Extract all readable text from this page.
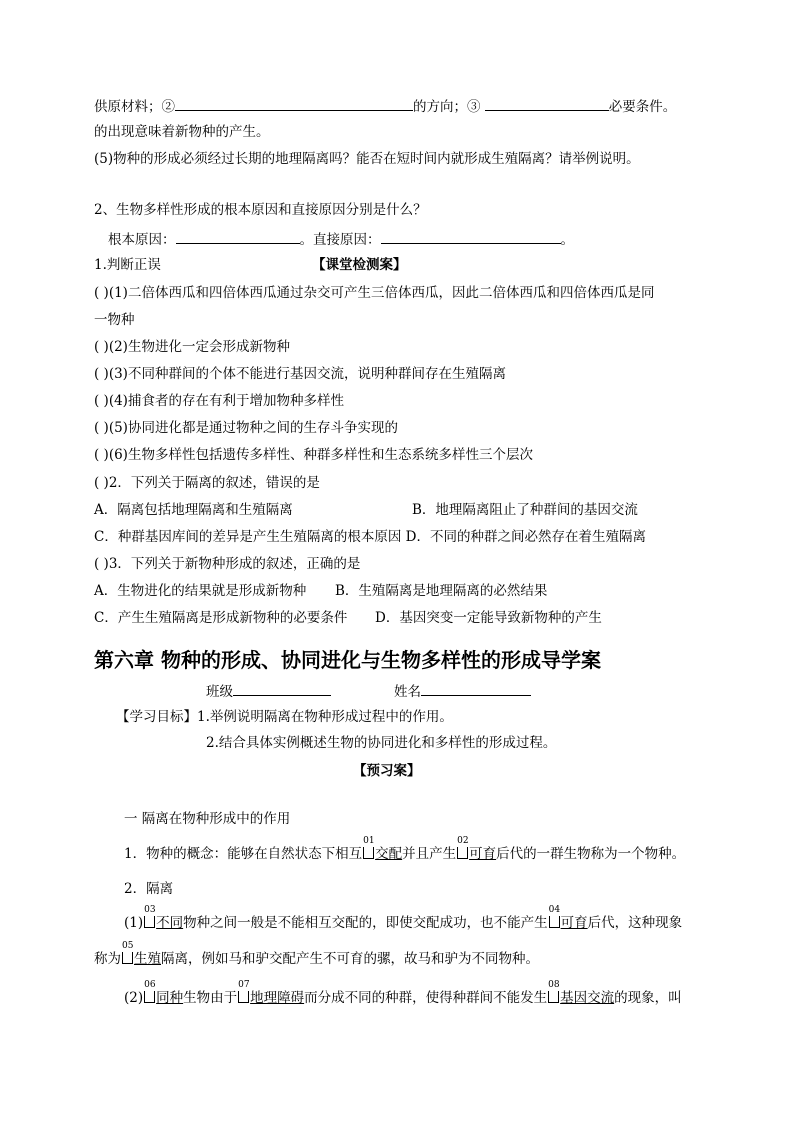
供原材料；②	的方向；③	必要条件。
的出现意味着新物种的产生。
(5)物种的形成必须经过长期的地理隔离吗？能否在短时间内就形成生殖隔离？请举例说明。
2、生物多样性形成的根本原因和直接原因分别是什么？
根本原因：	。直接原因：	。
1.判断正误	【课堂检测案】
( )(1)二倍体西瓜和四倍体西瓜通过杂交可产生三倍体西瓜，因此二倍体西瓜和四倍体西瓜是同
一物种
( )(2)生物进化一定会形成新物种
( )(3)不同种群间的个体不能进行基因交流，说明种群间存在生殖隔离
( )(4)捕食者的存在有利于增加物种多样性
( )(5)协同进化都是通过物种之间的生存斗争实现的
( )(6)生物多样性包括遗传多样性、种群多样性和生态系统多样性三个层次
( )2．下列关于隔离的叙述，错误的是
A．隔离包括地理隔离和生殖隔离	B．地理隔离阻止了种群间的基因交流
C．种群基因库间的差异是产生生殖隔离的根本原因 D．不同的种群之间必然存在着生殖隔离
( )3．下列关于新物种形成的叙述，正确的是
A．生物进化的结果就是形成新物种 B．生殖隔离是地理隔离的必然结果
C．产生生殖隔离是形成新物种的必要条件 D．基因突变一定能导致新物种的产生
第六章 物种的形成、协同进化与生物多样性的形成导学案
班级	姓名
【学习目标】1.举例说明隔离在物种形成过程中的作用。
2.结合具体实例概述生物的协同进化和多样性的形成过程。
【预习案】
一 隔离在物种形成中的作用
1．物种的概念：能够在自然状态下相互
01
交配并且产生
02
可育后代的一群生物称为一个物种。
2．隔离
(1)
03
不同物种之间一般是不能相互交配的，即使交配成功，也不能产生
04
可育后代，这种现象
称为
05
生殖隔离，例如马和驴交配产生不可育的骡，故马和驴为不同物种。
(2)
06
同种生物由于
07
地理障碍而分成不同的种群，使得种群间不能发生
08
基因交流的现象，叫
